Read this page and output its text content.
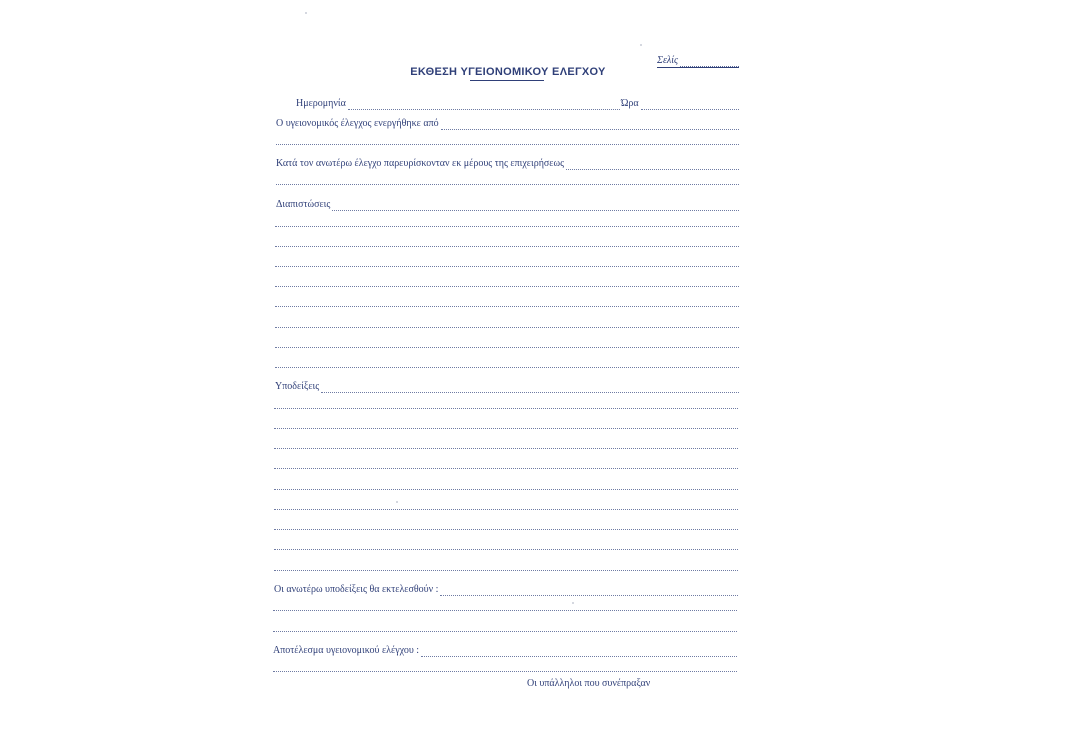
Σελίς
ΕΚΘΕΣΗ ΥΓΕΙΟΝΟΜΙΚΟΥ ΕΛΕΓΧΟΥ
Ημερομηνία	Ώρα
Ο υγειονομικός έλεγχος ενεργήθηκε από
Κατά τον ανωτέρω έλεγχο παρευρίσκονταν εκ μέρους της επιχειρήσεως
Διαπιστώσεις
Υποδείξεις
Οι ανωτέρω υποδείξεις θα εκτελεσθούν :
Αποτέλεσμα υγειονομικού ελέγχου :
Οι υπάλληλοι που συνέπραξαν
